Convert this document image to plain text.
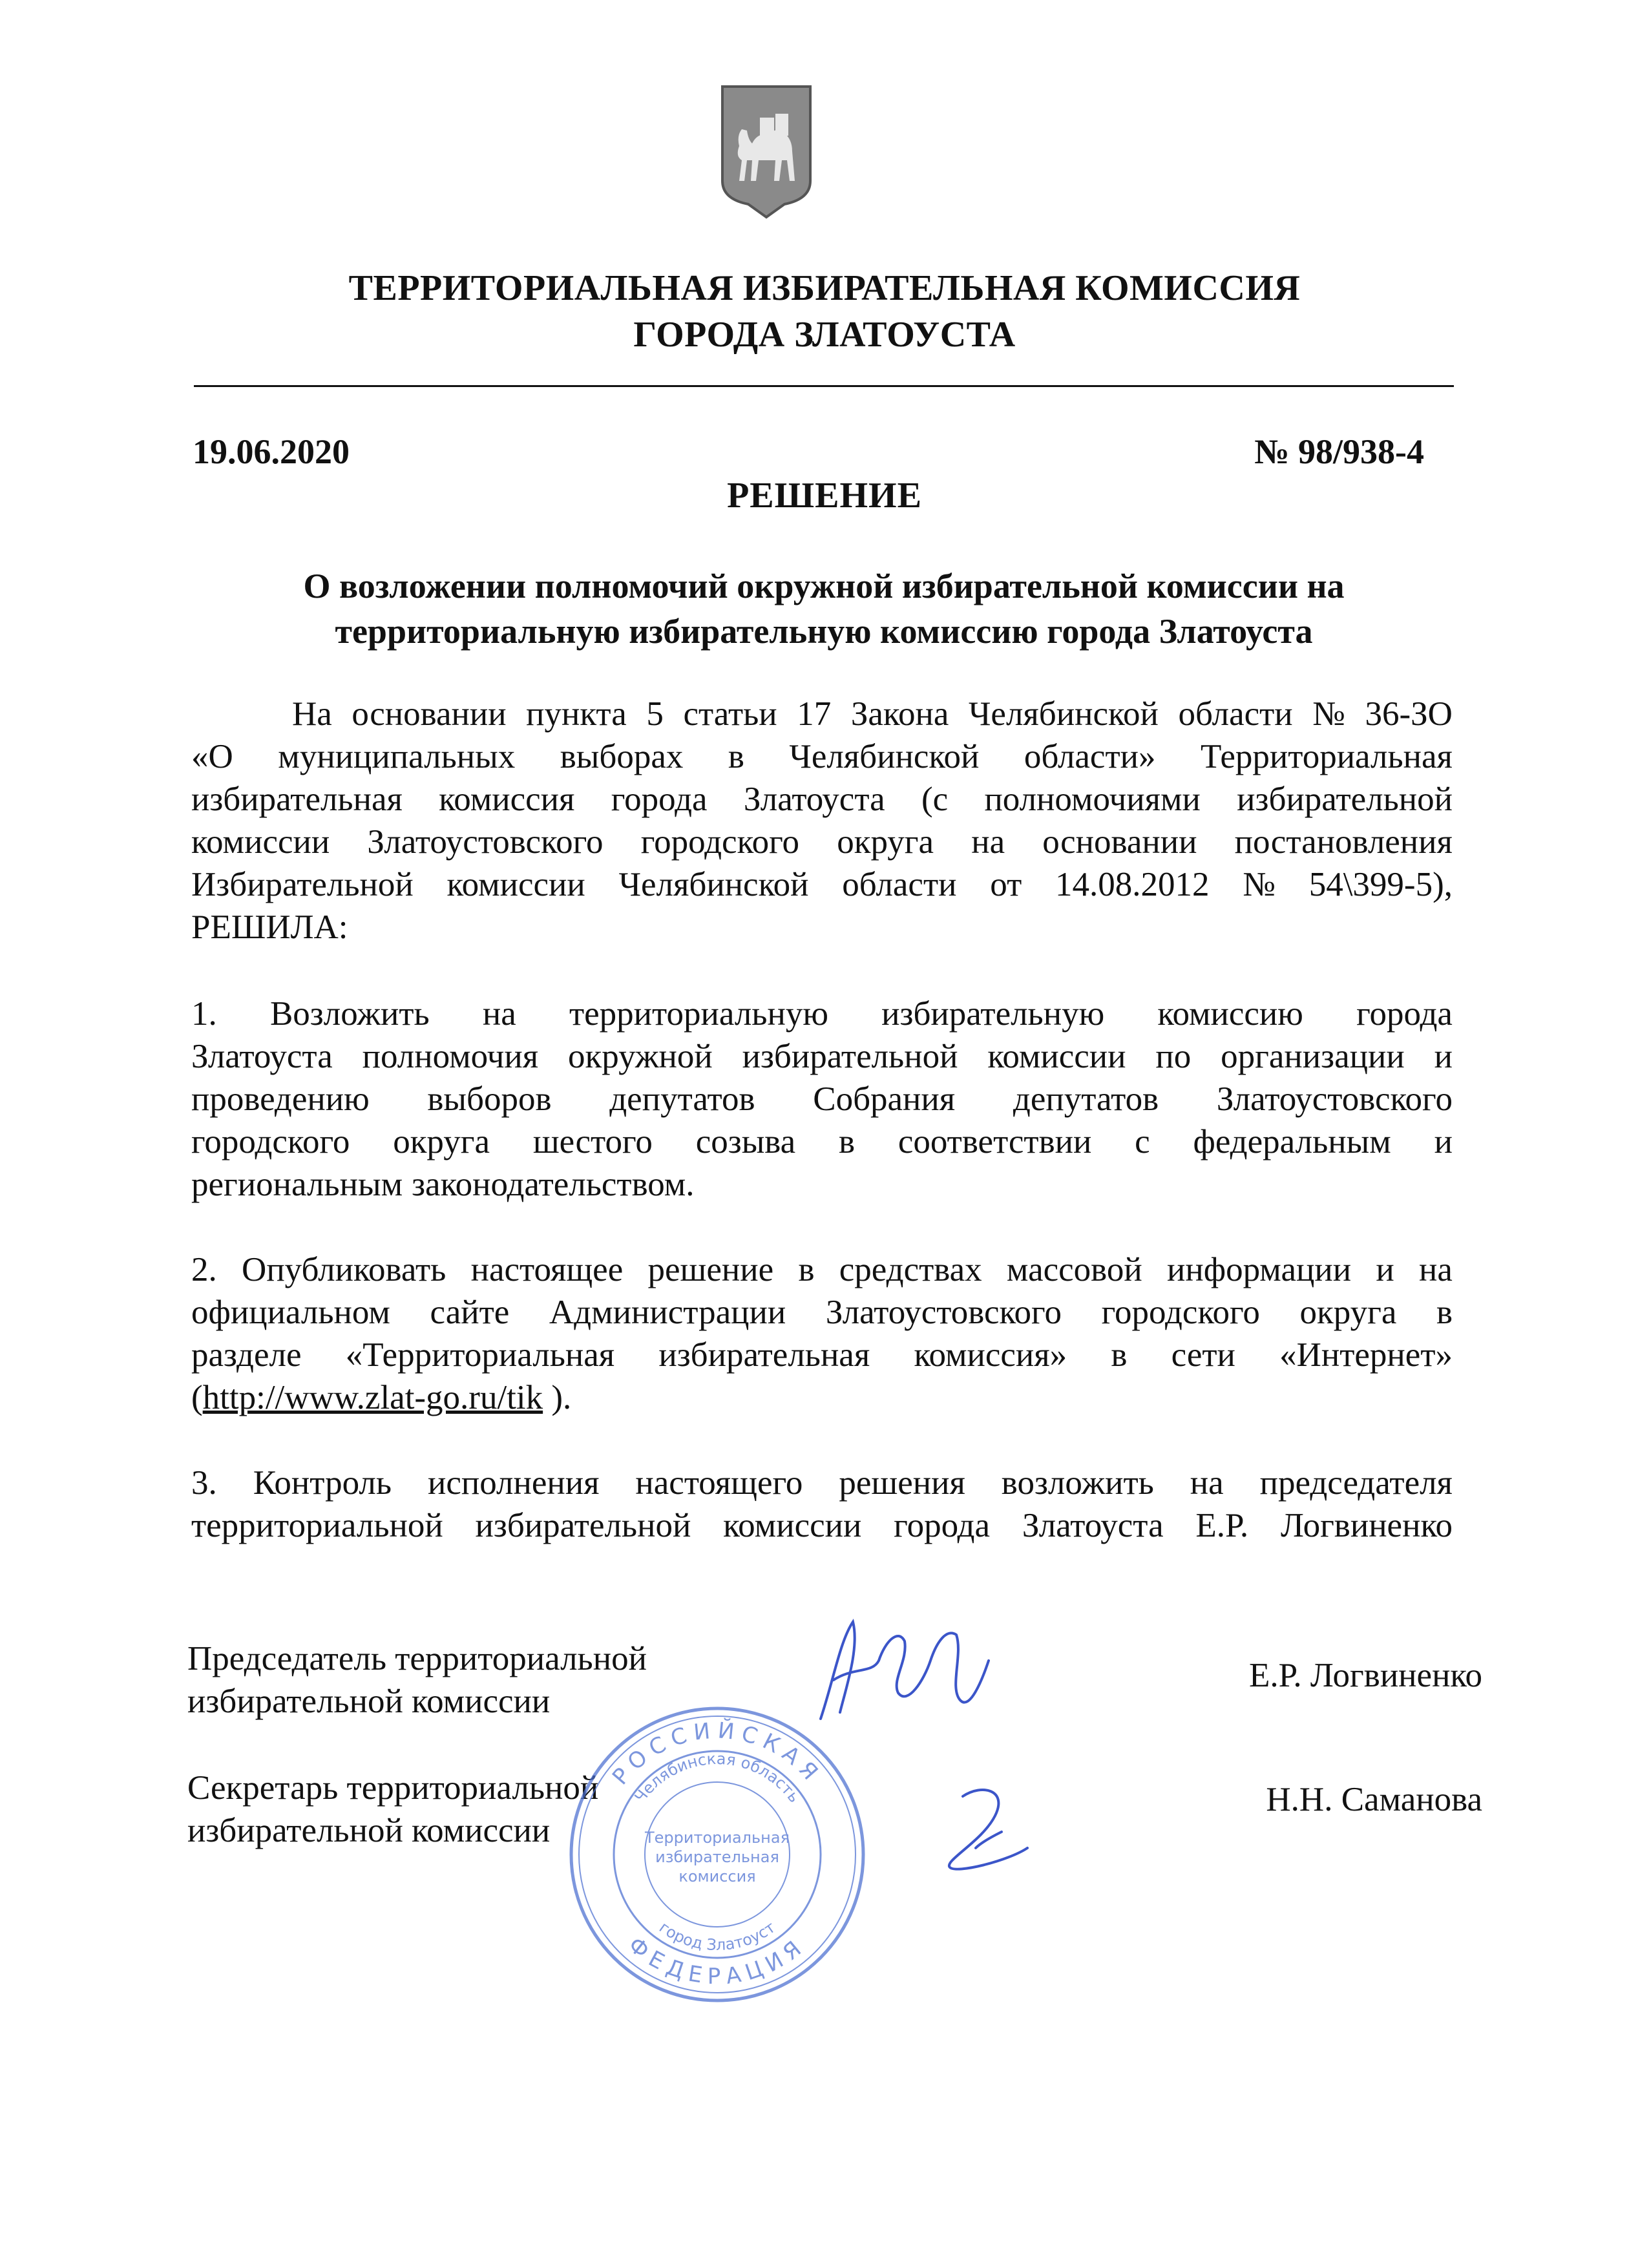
ТЕРРИТОРИАЛЬНАЯ ИЗБИРАТЕЛЬНАЯ КОМИССИЯ
ГОРОДА ЗЛАТОУСТА
19.06.2020	№ 98/938-4
РЕШЕНИЕ
О возложении полномочий окружной избирательной комиссии на
территориальную избирательную комиссию города Златоуста
На основании пункта 5 статьи 17 Закона Челябинской области № 36-ЗО
«О муниципальных выборах в Челябинской области» Территориальная
избирательная комиссия города Златоуста (с полномочиями избирательной
комиссии Златоустовского городского округа на основании постановления
Избирательной комиссии Челябинской области от 14.08.2012 № 54\399-5),
РЕШИЛА:
1. Возложить на территориальную избирательную комиссию города
Златоуста полномочия окружной избирательной комиссии по организации и
проведению выборов депутатов Собрания депутатов Златоустовского
городского округа шестого созыва в соответствии с федеральным и
региональным законодательством.
2. Опубликовать настоящее решение в средствах массовой информации и на
официальном сайте Администрации Златоустовского городского округа в
разделе «Территориальная избирательная комиссия» в сети «Интернет»
(http://www.zlat-go.ru/tik ).
3. Контроль исполнения настоящего решения возложить на председателя
территориальной избирательной комиссии города Златоуста Е.Р. Логвиненко
Председатель территориальной
избирательной комиссии
Е.Р. Логвиненко
Секретарь территориальной
избирательной комиссии
Н.Н. Саманова
РОССИЙСКАЯ
ФЕДЕРАЦИЯ
Челябинская область
город Златоуст
Территориальная
избирательная
комиссия
